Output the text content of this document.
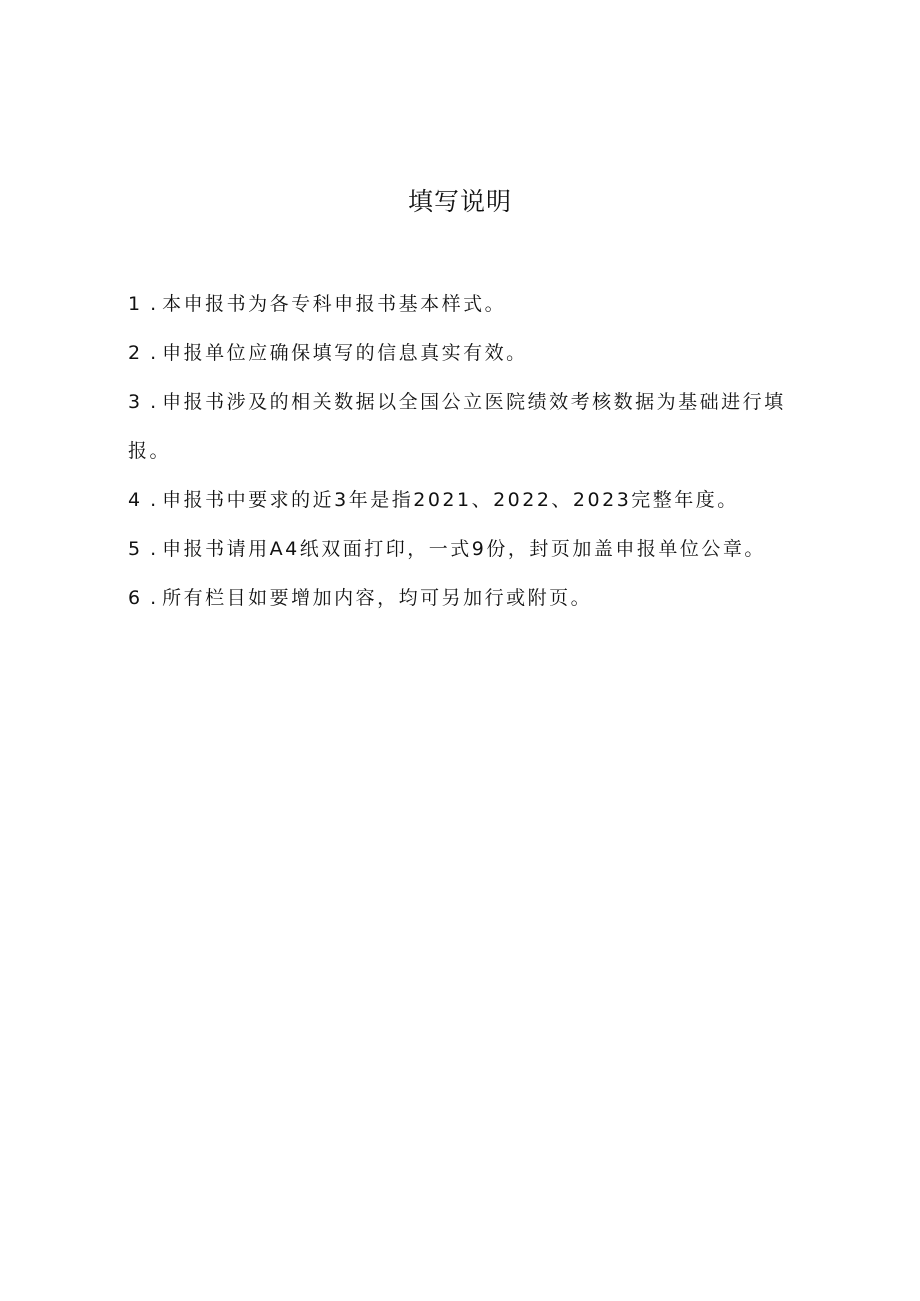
填写说明
1 . 本申报书为各专科申报书基本样式。
2 . 申报单位应确保填写的信息真实有效。
3 . 申报书涉及的相关数据以全国公立医院绩效考核数据为基础进行填报。
4 . 申报书中要求的近3年是指2021、2022、2023完整年度。
5 . 申报书请用A4纸双面打印，一式9份，封页加盖申报单位公章。
6 . 所有栏目如要增加内容，均可另加行或附页。
